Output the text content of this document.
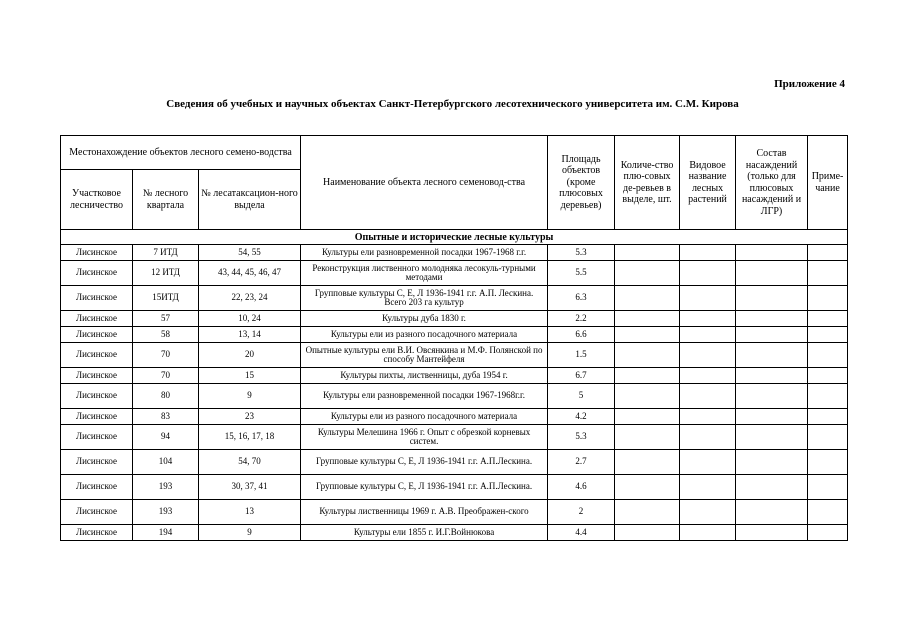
Приложение 4
Сведения об учебных и научных объектах Санкт-Петербургского лесотехнического университета им. С.М. Кирова
Местонахождение объектов лесного семено-водства			Наименование объекта лесного семеновод-ства	Площадь объектов (кроме плюсовых деревьев)	Количе-ство плю-совых де-ревьев в выделе, шт.	Видовое название лесных растений	Состав насаждений (только для плюсовых насаждений и ЛГР)	Приме-чание
Участковое лесничество	№ лесного квартала	№ лесатаксацион-ного выдела						
Опытные и исторические лесные культуры								
Лисинское	7 ИТД	54, 55	Культуры ели разновременной посадки 1967-1968 г.г.	5.3				
Лисинское	12 ИТД	43, 44, 45, 46, 47	Реконструкция лиственного молодняка лесокуль-турными методами	5.5				
Лисинское	15ИТД	22, 23, 24	Групповые культуры С, Е, Л 1936-1941 г.г. А.П. Лескина. Всего 203 га культур	6.3				
Лисинское	57	10, 24	Культуры дуба 1830 г.	2.2				
Лисинское	58	13, 14	Культуры ели из разного посадочного материала	6.6				
Лисинское	70	20	Опытные культуры ели В.И. Овсянкина и М.Ф. Полянской по способу Мантейфеля	1.5				
Лисинское	70	15	Культуры пихты, лиственницы, дуба 1954 г.	6.7				
Лисинское	80	9	Культуры ели разновременной посадки 1967-1968г.г.	5				
Лисинское	83	23	Культуры ели из разного посадочного материала	4.2				
Лисинское	94	15, 16, 17, 18	Культуры Мелешина 1966 г. Опыт с обрезкой корневых систем.	5.3				
Лисинское	104	54, 70	Групповые культуры С, Е, Л 1936-1941 г.г. А.П.Лескина.	2.7				
Лисинское	193	30, 37, 41	Групповые культуры С, Е, Л 1936-1941 г.г. А.П.Лескина.	4.6				
Лисинское	193	13	Культуры лиственницы 1969 г. А.В. Преображен-ского	2				
Лисинское	194	9	Культуры ели 1855 г. И.Г.Войнюкова	4.4				
